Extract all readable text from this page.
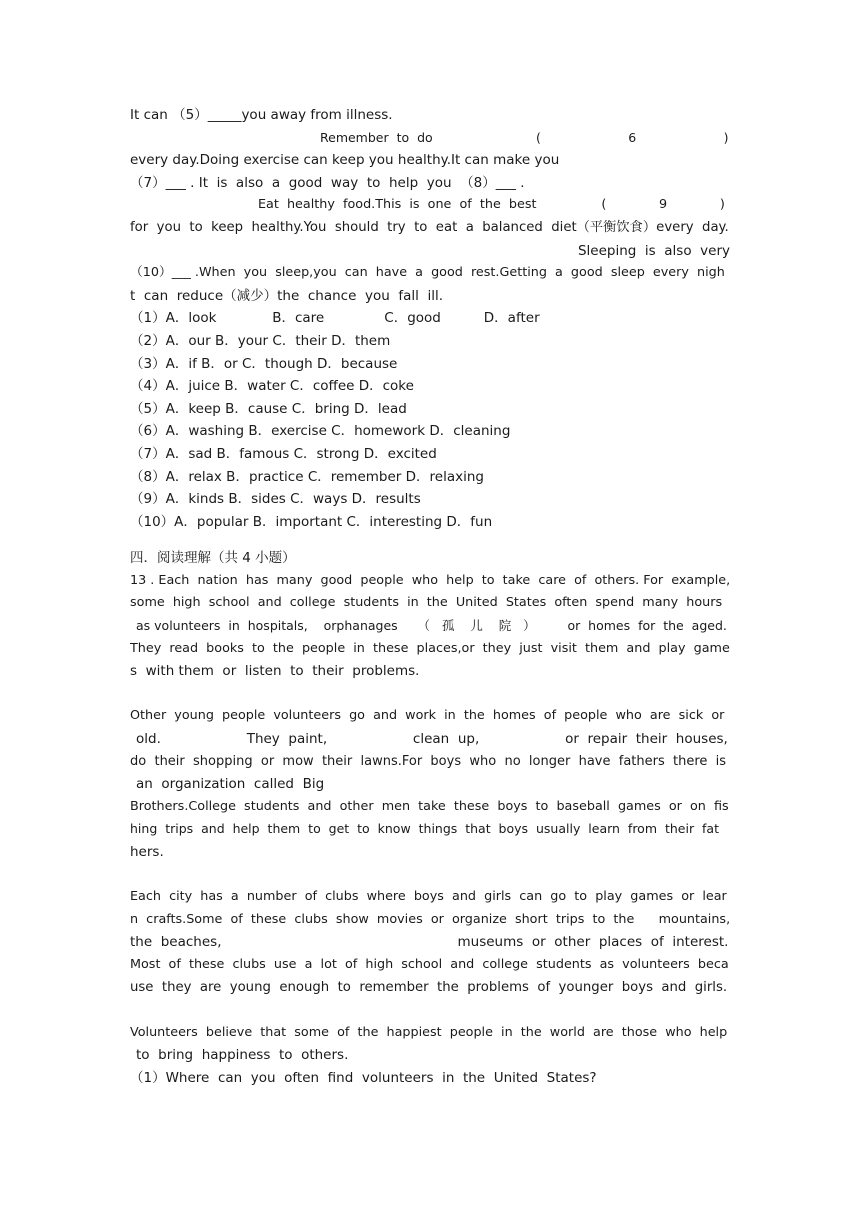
It can （5）_____you away from illness.
Remember  to  do                          (                      6                      )
every day.Doing exercise can keep you healthy.It can make you
（7）___ . It  is  also  a  good  way  to  help  you  （8）___ .
Eat  healthy  food.This  is  one  of  the  best                (             9             )
for  you  to  keep  healthy.You  should  try  to  eat  a  balanced  diet（平衡饮食）every  day.
Sleeping  is  also  very
（10）___ .When  you  sleep,you  can  have  a  good  rest.Getting  a  good  sleep  every  nigh
t  can  reduce（减少）the  chance  you  fall  ill.
（1）A．look             B．care              C．good          D．after
（2）A．our B．your C．their D．them
（3）A．if B．or C．though D．because
（4）A．juice B．water C．coffee D．coke
（5）A．keep B．cause C．bring D．lead
（6）A．washing B．exercise C．homework D．cleaning
（7）A．sad B．famous C．strong D．excited
（8）A．relax B．practice C．remember D．relaxing
（9）A．kinds B．sides C．ways D．results
（10）A．popular B．important C．interesting D．fun
四．阅读理解（共 4 小题）
13 . Each  nation  has  many  good  people  who  help  to  take  care  of  others. For  example,
some  high  school  and  college  students  in  the  United  States  often  spend  many  hours
as volunteers  in  hospitals,    orphanages     （   孤    儿    院   ）        or  homes  for  the  aged.
They  read  books  to  the  people  in  these  places,or  they  just  visit  them  and  play  game
s  with them  or  listen  to  their  problems.
Other  young  people  volunteers  go  and  work  in  the  homes  of  people  who  are  sick  or
old.                    They  paint,                    clean  up,                    or  repair  their  houses,
do  their  shopping  or  mow  their  lawns.For  boys  who  no  longer  have  fathers  there  is
an  organization  called  Big
Brothers.College  students  and  other  men  take  these  boys  to  baseball  games  or  on  fis
hing  trips  and  help  them  to  get  to  know  things  that  boys  usually  learn  from  their  fat
hers.
Each  city  has  a  number  of  clubs  where  boys  and  girls  can  go  to  play  games  or  lear
n  crafts.Some  of  these  clubs  show  movies  or  organize  short  trips  to  the      mountains,
the  beaches,                                                       museums  or  other  places  of  interest.
Most  of  these  clubs  use  a  lot  of  high  school  and  college  students  as  volunteers  beca
use  they  are  young  enough  to  remember  the  problems  of  younger  boys  and  girls.
Volunteers  believe  that  some  of  the  happiest  people  in  the  world  are  those  who  help
to  bring  happiness  to  others.
（1）Where  can  you  often  find  volunteers  in  the  United  States?
